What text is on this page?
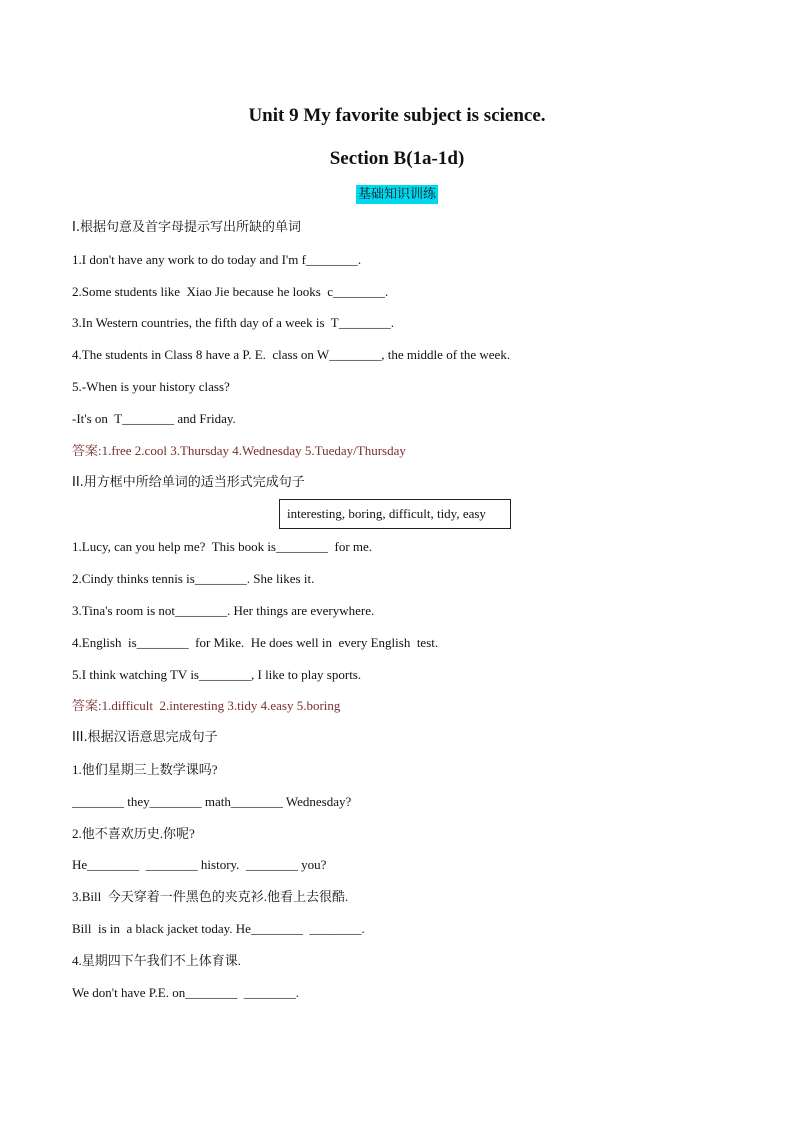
Unit 9 My favorite subject is science.
Section B(1a-1d)
基础知识训练
I.根据句意及首字母提示写出所缺的单词
1.I don't have any work to do today and I'm f________.
2.Some students like  Xiao Jie because he looks  c________.
3.In Western countries, the fifth day of a week is  T________.
4.The students in Class 8 have a P. E.  class on W________, the middle of the week.
5.-When is your history class?
-It's on  T________ and Friday.
答案:1.free 2.cool 3.Thursday 4.Wednesday 5.Tueday/Thursday
II.用方框中所给单词的适当形式完成句子
interesting, boring, difficult, tidy, easy
1.Lucy, can you help me?  This book is________  for me.
2.Cindy thinks tennis is________. She likes it.
3.Tina's room is not________. Her things are everywhere.
4.English  is________  for Mike.  He does well in  every English  test.
5.I think watching TV is________, I like to play sports.
答案:1.difficult  2.interesting 3.tidy 4.easy 5.boring
III.根据汉语意思完成句子
1.他们星期三上数学课吗?
________ they________ math________ Wednesday?
2.他不喜欢历史.你呢?
He________  ________ history.  ________ you?
3.Bill  今天穿着一件黑色的夹克衫.他看上去很酷.
Bill  is in  a black jacket today. He________  ________.
4.星期四下午我们不上体育课.
We don't have P.E. on________  ________.
